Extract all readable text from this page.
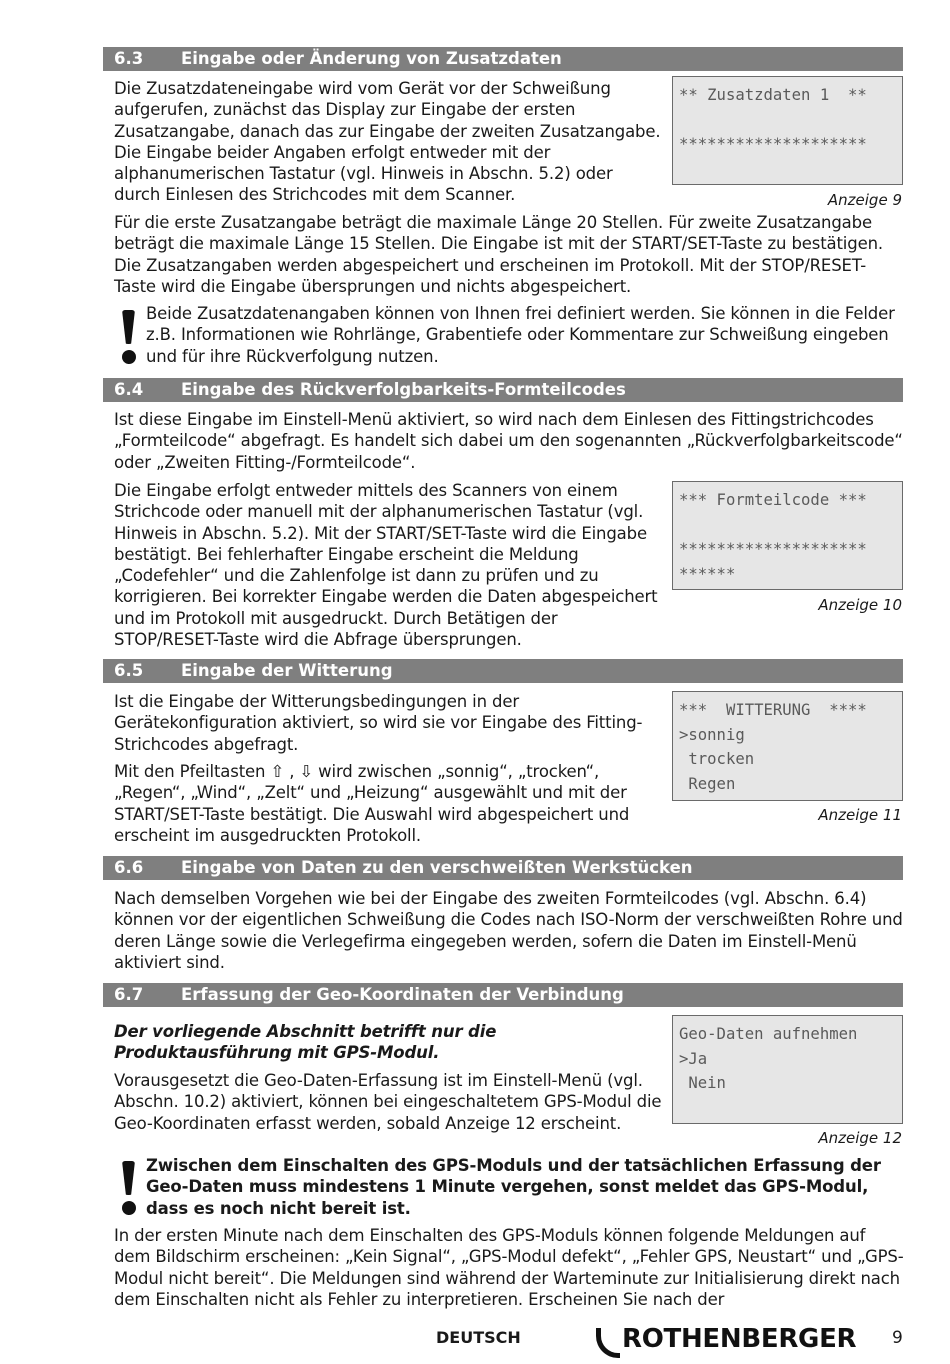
6.3 Eingabe oder Änderung von Zusatzdaten

Die Zusatzdateneingabe wird vom Gerät vor der Schweißung aufgerufen, zunächst das Display zur Eingabe der ersten Zusatzangabe, danach das zur Eingabe der zweiten Zusatzangabe. Die Eingabe beider Angaben erfolgt entweder mit der alphanumerischen Tastatur (vgl. Hinweis in Abschn. 5.2) oder durch Einlesen des Strichcodes mit dem Scanner.

** Zusatzdaten 1  **
********************
Anzeige 9

Für die erste Zusatzangabe beträgt die maximale Länge 20 Stellen. Für zweite Zusatzangabe beträgt die maximale Länge 15 Stellen. Die Eingabe ist mit der START/SET-Taste zu bestätigen. Die Zusatzangaben werden abgespeichert und erscheinen im Protokoll. Mit der STOP/RESET-Taste wird die Eingabe übersprungen und nichts abgespeichert.

Beide Zusatzdatenangaben können von Ihnen frei definiert werden. Sie können in die Felder z.B. Informationen wie Rohrlänge, Grabentiefe oder Kommentare zur Schweißung eingeben und für ihre Rückverfolgung nutzen.

6.4 Eingabe des Rückverfolgbarkeits-Formteilcodes

Ist diese Eingabe im Einstell-Menü aktiviert, so wird nach dem Einlesen des Fittingstrichcodes „Formteilcode“ abgefragt. Es handelt sich dabei um den sogenannten „Rückverfolgbarkeitscode“ oder „Zweiten Fitting-/Formteilcode“.

Die Eingabe erfolgt entweder mittels des Scanners von einem Strichcode oder manuell mit der alphanumerischen Tastatur (vgl. Hinweis in Abschn. 5.2). Mit der START/SET-Taste wird die Eingabe bestätigt. Bei fehlerhafter Eingabe erscheint die Meldung „Codefehler“ und die Zahlenfolge ist dann zu prüfen und zu korrigieren. Bei korrekter Eingabe werden die Daten abgespeichert und im Protokoll mit ausgedruckt. Durch Betätigen der STOP/RESET-Taste wird die Abfrage übersprungen.

*** Formteilcode ***
********************
******
Anzeige 10
6.5 Eingabe der Witterung

Ist die Eingabe der Witterungsbedingungen in der Gerätekonfiguration aktiviert, so wird sie vor Eingabe des Fitting-Strichcodes abgefragt.

Mit den Pfeiltasten ⇧ , ⇩ wird zwischen „sonnig“, „trocken“, „Regen“, „Wind“, „Zelt“ und „Heizung“ ausgewählt und mit der START/SET-Taste bestätigt. Die Auswahl wird abgespeichert und erscheint im ausgedruckten Protokoll.

***  WITTERUNG  ****
>sonnig
trocken
Regen
Anzeige 11
6.6 Eingabe von Daten zu den verschweißten Werkstücken

Nach demselben Vorgehen wie bei der Eingabe des zweiten Formteilcodes (vgl. Abschn. 6.4) können vor der eigentlichen Schweißung die Codes nach ISO-Norm der verschweißten Rohre und deren Länge sowie die Verlegefirma eingegeben werden, sofern die Daten im Einstell-Menü aktiviert sind.

6.7 Erfassung der Geo-Koordinaten der Verbindung

Der vorliegende Abschnitt betrifft nur die Produktausführung mit GPS-Modul.

Vorausgesetzt die Geo-Daten-Erfassung ist im Einstell-Menü (vgl. Abschn. 10.2) aktiviert, können bei eingeschaltetem GPS-Modul die Geo-Koordinaten erfasst werden, sobald Anzeige 12 erscheint.

Geo-Daten aufnehmen
>Ja
Nein
Anzeige 12

Zwischen dem Einschalten des GPS-Moduls und der tatsächlichen Erfassung der Geo-Daten muss mindestens 1 Minute vergehen, sonst meldet das GPS-Modul, dass es noch nicht bereit ist.

In der ersten Minute nach dem Einschalten des GPS-Moduls können folgende Meldungen auf dem Bildschirm erscheinen: „Kein Signal“, „GPS-Modul defekt“, „Fehler GPS, Neustart“ und „GPS-Modul nicht bereit“. Die Meldungen sind während der Warteminute zur Initialisierung direkt nach dem Einschalten nicht als Fehler zu interpretieren. Erscheinen Sie nach der

DEUTSCH	ROTHENBERGER 9
